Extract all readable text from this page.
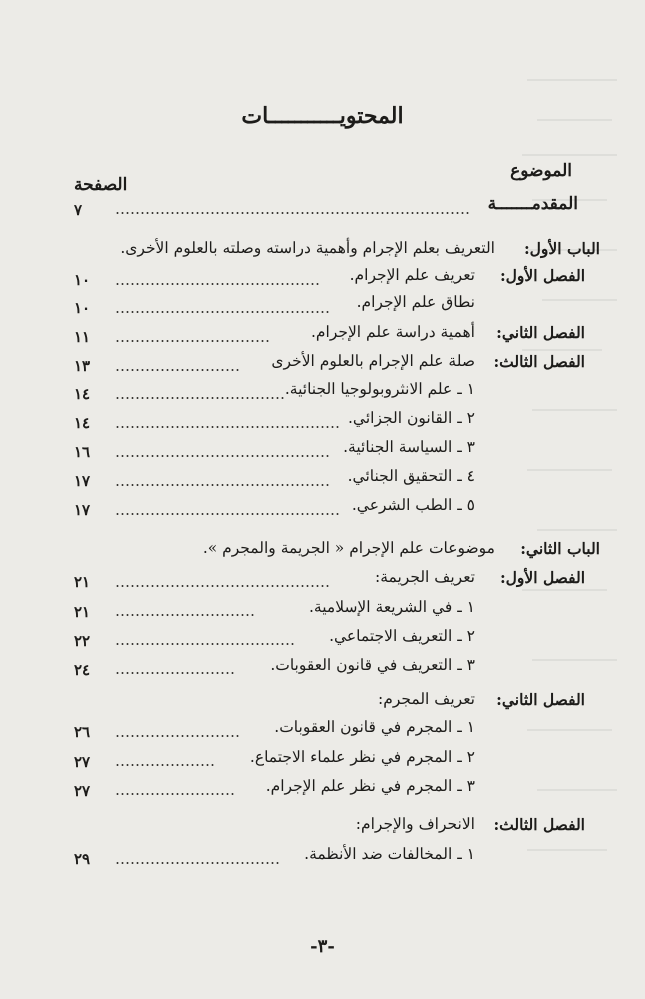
المحتويـــــــــــات
الموضوع
الصفحة
المقدمـــــــة
٧
الباب الأول:
التعريف بعلم الإجرام وأهمية دراسته وصلته بالعلوم الأخرى.
الفصل الأول:
تعريف علم الإجرام.
١٠
نطاق علم الإجرام.
١٠
الفصل الثاني:
أهمية دراسة علم الإجرام.
١١
الفصل الثالث:
صلة علم الإجرام بالعلوم الأخرى
١٣
١ ـ علم الانثروبولوجيا الجنائية.
١٤
٢ ـ القانون الجزائي.
١٤
٣ ـ السياسة الجنائية.
١٦
٤ ـ التحقيق الجنائي.
١٧
٥ ـ الطب الشرعي.
١٧
الباب الثاني:
موضوعات علم الإجرام « الجريمة والمجرم ».
الفصل الأول:
تعريف الجريمة:
٢١
١ ـ في الشريعة الإسلامية.
٢١
٢ ـ التعريف الاجتماعي.
٢٢
٣ ـ التعريف في قانون العقوبات.
٢٤
الفصل الثاني:
تعريف المجرم:
١ ـ المجرم في قانون العقوبات.
٢٦
٢ ـ المجرم في نظر علماء الاجتماع.
٢٧
٣ ـ المجرم في نظر علم الإجرام.
٢٧
الفصل الثالث:
الانحراف والإجرام:
١ ـ المخالفات ضد الأنظمة.
٢٩
-٣-
